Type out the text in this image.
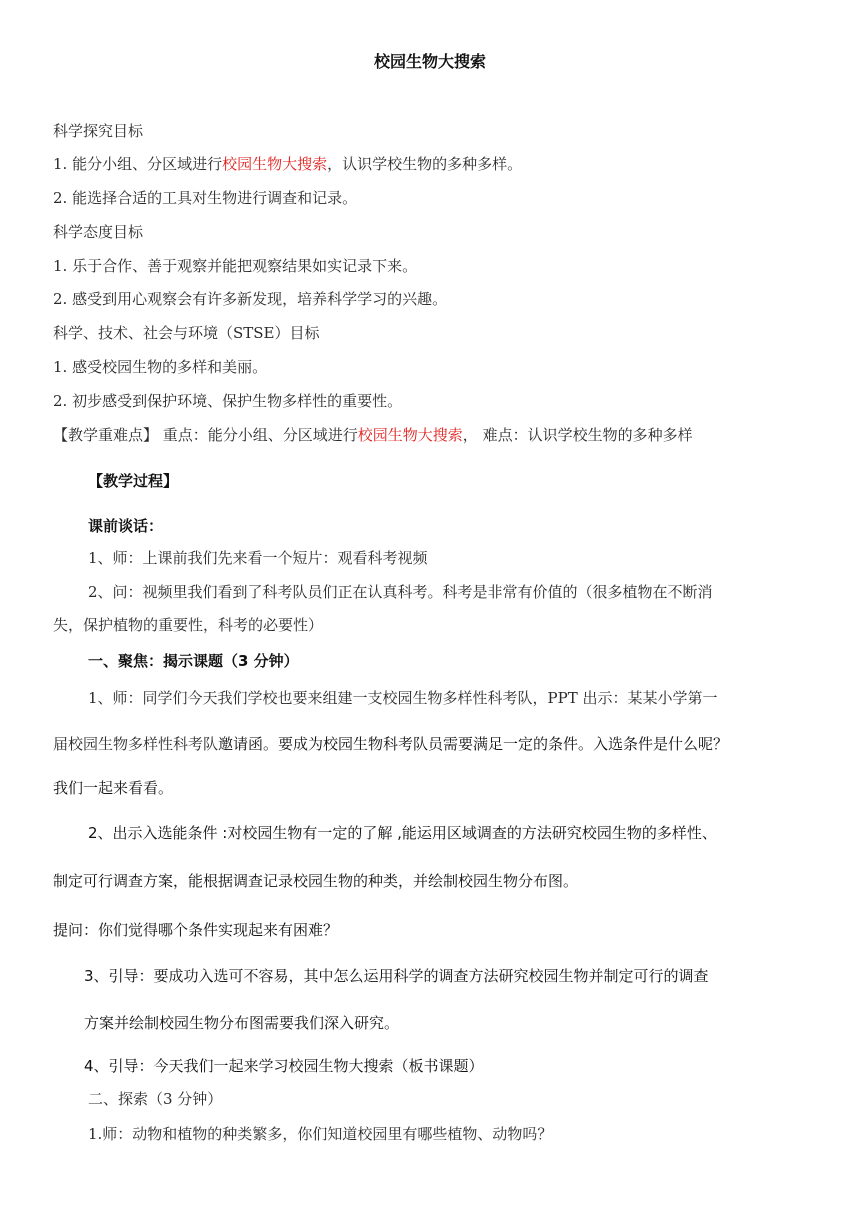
校园生物大搜索
科学探究目标
1. 能分小组、分区域进行校园生物大搜索，认识学校生物的多种多样。
2. 能选择合适的工具对生物进行调查和记录。
科学态度目标
1. 乐于合作、善于观察并能把观察结果如实记录下来。
2. 感受到用心观察会有许多新发现，培养科学学习的兴趣。
科学、技术、社会与环境（STSE）目标
1. 感受校园生物的多样和美丽。
2. 初步感受到保护环境、保护生物多样性的重要性。
【教学重难点】 重点：能分小组、分区域进行校园生物大搜索， 难点：认识学校生物的多种多样
【教学过程】
课前谈话：
1、师：上课前我们先来看一个短片：观看科考视频
2、问：视频里我们看到了科考队员们正在认真科考。科考是非常有价值的（很多植物在不断消
失，保护植物的重要性，科考的必要性）
一、聚焦：揭示课题（3 分钟）
1、师：同学们今天我们学校也要来组建一支校园生物多样性科考队，PPT 出示：某某小学第一
届校园生物多样性科考队邀请函。要成为校园生物科考队员需要满足一定的条件。入选条件是什么呢？
我们一起来看看。
2、出示入选能条件 :对校园生物有一定的了解 ,能运用区域调查的方法研究校园生物的多样性、
制定可行调查方案，能根据调查记录校园生物的种类，并绘制校园生物分布图。
提问：你们觉得哪个条件实现起来有困难？
3、引导：要成功入选可不容易，其中怎么运用科学的调查方法研究校园生物并制定可行的调查
方案并绘制校园生物分布图需要我们深入研究。
4、引导：今天我们一起来学习校园生物大搜索（板书课题）
二、探索（3 分钟）
1.师：动物和植物的种类繁多，你们知道校园里有哪些植物、动物吗？
